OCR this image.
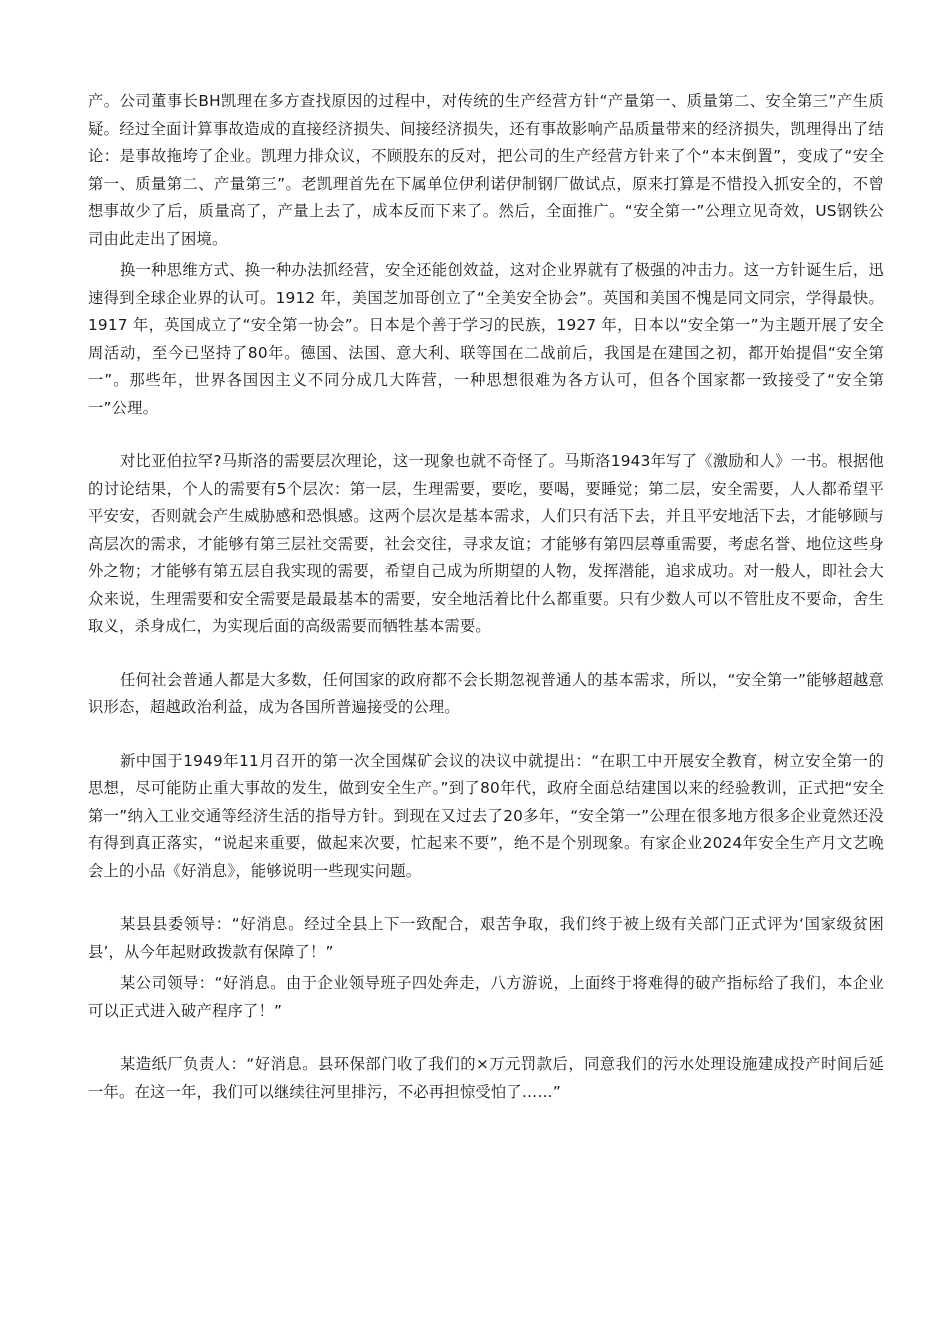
产。公司董事长BH凯理在多方查找原因的过程中，对传统的生产经营方针“产量第一、质量第二、安全第三”产生质疑。经过全面计算事故造成的直接经济损失、间接经济损失，还有事故影响产品质量带来的经济损失，凯理得出了结论：是事故拖垮了企业。凯理力排众议，不顾股东的反对，把公司的生产经营方针来了个“本末倒置”，变成了“安全第一、质量第二、产量第三”。老凯理首先在下属单位伊利诺伊制钢厂做试点，原来打算是不惜投入抓安全的，不曾想事故少了后，质量高了，产量上去了，成本反而下来了。然后，全面推广。“安全第一”公理立见奇效，US钢铁公司由此走出了困境。

换一种思维方式、换一种办法抓经营，安全还能创效益，这对企业界就有了极强的冲击力。这一方针诞生后，迅速得到全球企业界的认可。1912 年，美国芝加哥创立了“全美安全协会”。英国和美国不愧是同文同宗，学得最快。1917 年，英国成立了“安全第一协会”。日本是个善于学习的民族，1927 年，日本以“安全第一”为主题开展了安全周活动，至今已坚持了80年。德国、法国、意大利、联等国在二战前后，我国是在建国之初，都开始提倡“安全第一”。那些年，世界各国因主义不同分成几大阵营，一种思想很难为各方认可，但各个国家都一致接受了“安全第一”公理。

对比亚伯拉罕?马斯洛的需要层次理论，这一现象也就不奇怪了。马斯洛1943年写了《激励和人》一书。根据他的讨论结果，个人的需要有5个层次：第一层，生理需要，要吃，要喝，要睡觉；第二层，安全需要，人人都希望平平安安，否则就会产生威胁感和恐惧感。这两个层次是基本需求，人们只有活下去，并且平安地活下去，才能够顾与高层次的需求，才能够有第三层社交需要，社会交往，寻求友谊；才能够有第四层尊重需要，考虑名誉、地位这些身外之物；才能够有第五层自我实现的需要，希望自己成为所期望的人物，发挥潜能，追求成功。对一般人，即社会大众来说，生理需要和安全需要是最最基本的需要，安全地活着比什么都重要。只有少数人可以不管肚皮不要命，舍生取义，杀身成仁，为实现后面的高级需要而牺牲基本需要。

任何社会普通人都是大多数，任何国家的政府都不会长期忽视普通人的基本需求，所以，“安全第一”能够超越意识形态，超越政治利益，成为各国所普遍接受的公理。

新中国于1949年11月召开的第一次全国煤矿会议的决议中就提出：“在职工中开展安全教育，树立安全第一的思想，尽可能防止重大事故的发生，做到安全生产。”到了80年代，政府全面总结建国以来的经验教训，正式把“安全第一”纳入工业交通等经济生活的指导方针。到现在又过去了20多年，“安全第一”公理在很多地方很多企业竟然还没有得到真正落实，“说起来重要，做起来次要，忙起来不要”，绝不是个别现象。有家企业2024年安全生产月文艺晚会上的小品《好消息》，能够说明一些现实问题。

某县县委领导：“好消息。经过全县上下一致配合，艰苦争取，我们终于被上级有关部门正式评为‘国家级贫困县’，从今年起财政拨款有保障了！”

某公司领导：“好消息。由于企业领导班子四处奔走，八方游说，上面终于将难得的破产指标给了我们，本企业可以正式进入破产程序了！”

某造纸厂负责人：“好消息。县环保部门收了我们的×万元罚款后，同意我们的污水处理设施建成投产时间后延一年。在这一年，我们可以继续往河里排污，不必再担惊受怕了……”
